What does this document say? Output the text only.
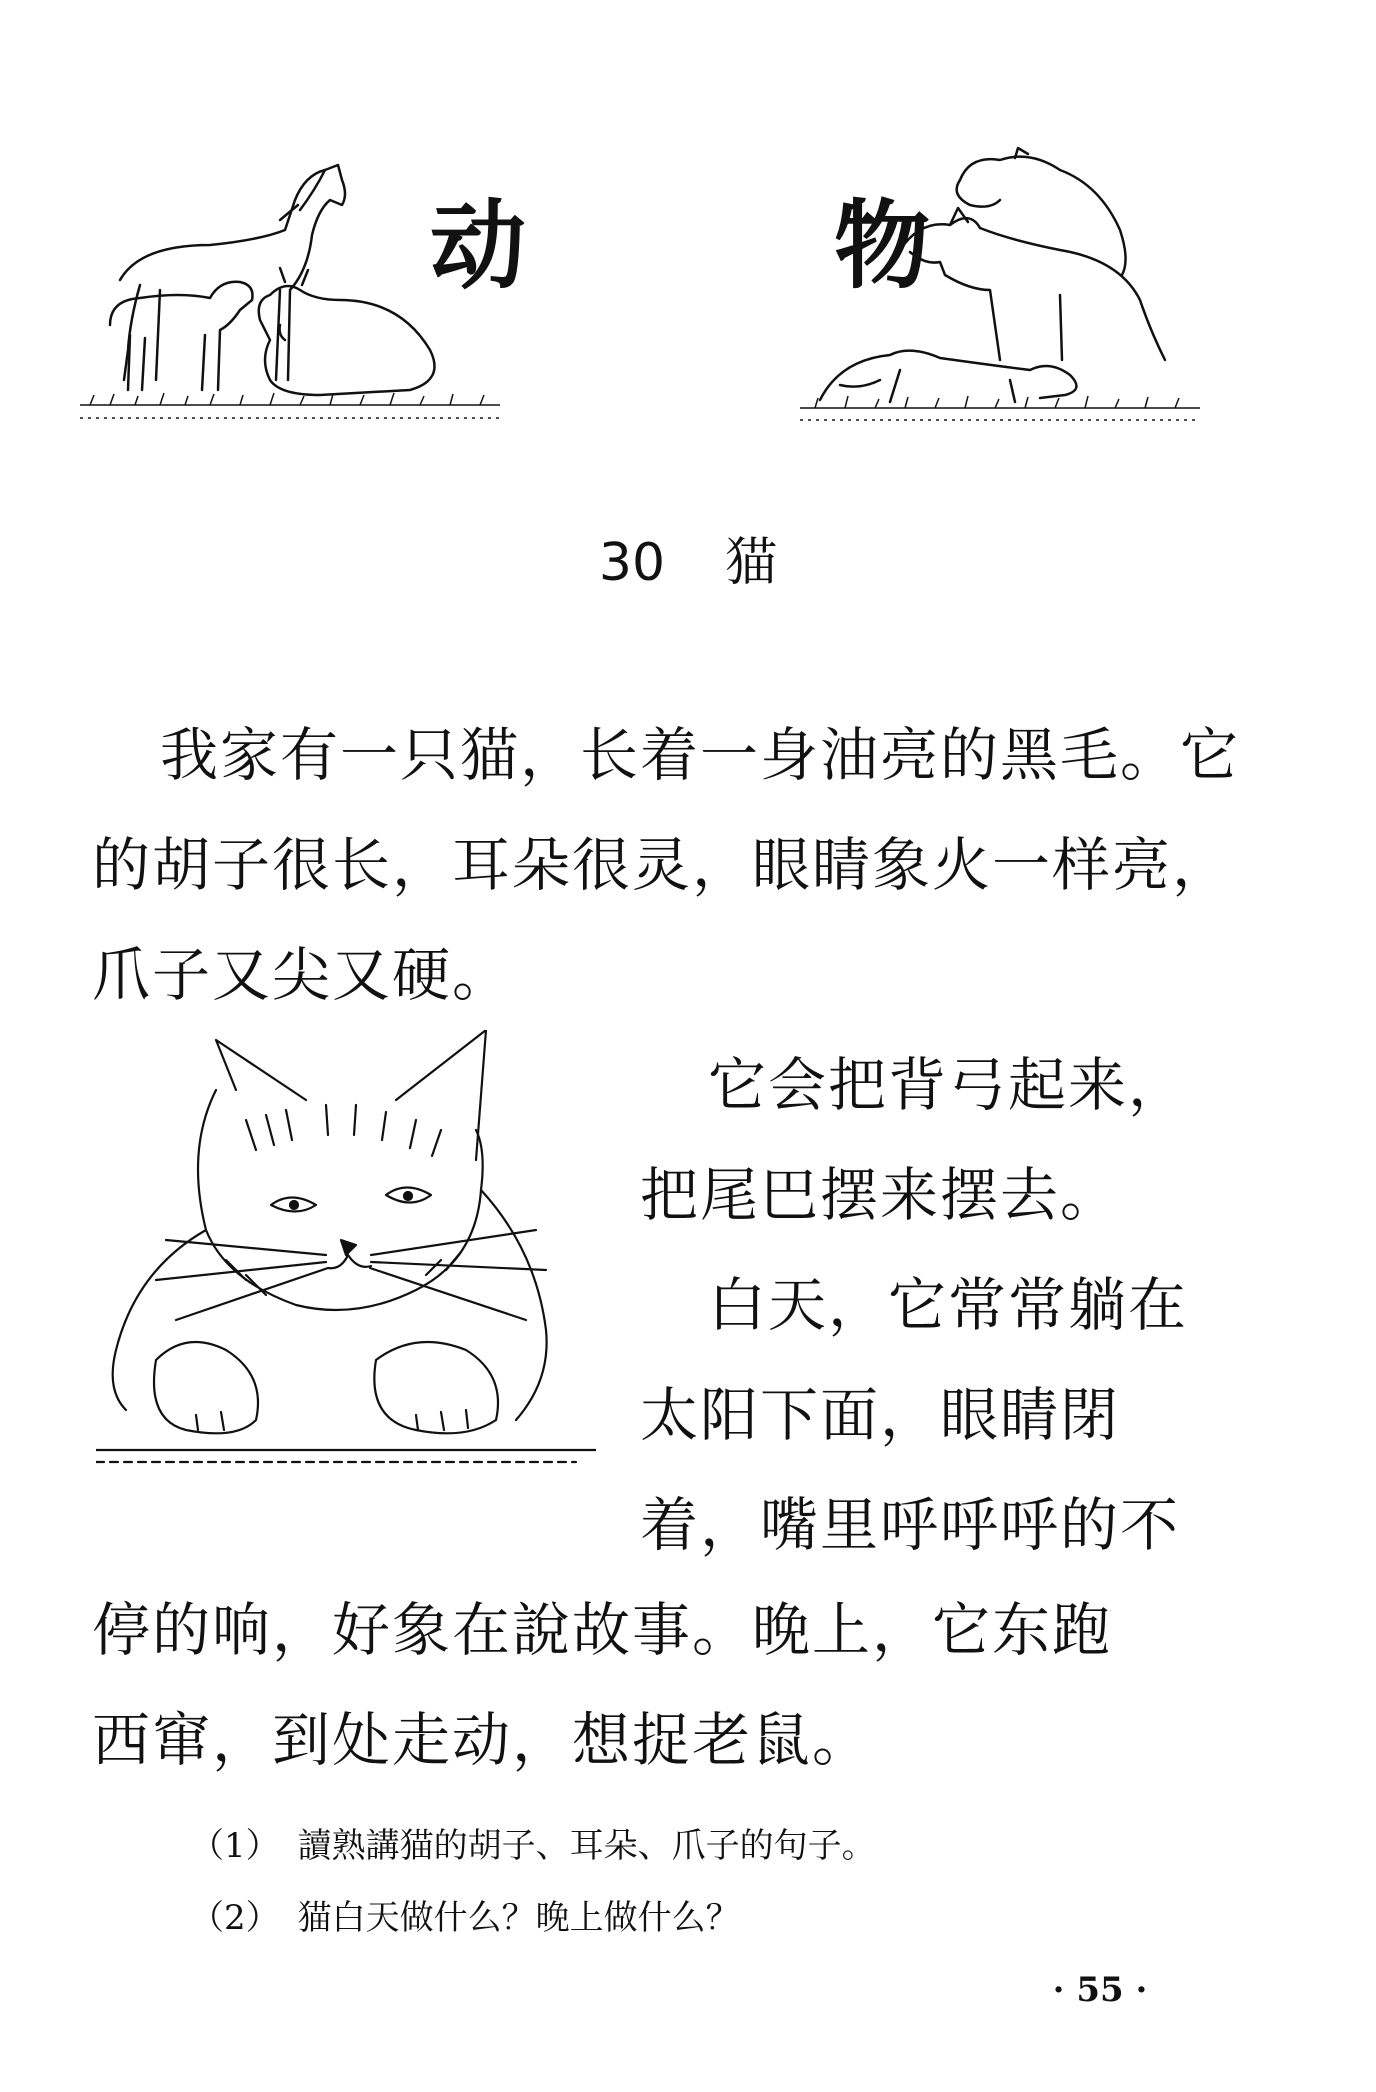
动	物
30 猫
我家有一只猫，长着一身油亮的黑毛。它的胡子很长，耳朵很灵，眼睛象火一样亮，爪子又尖又硬。
它会把背弓起来，
把尾巴摆来摆去。
白天，它常常躺在
太阳下面，眼睛閉
着，嘴里呼呼呼的不
停的响，好象在說故事。晚上，它东跑
西窜，到处走动，想捉老鼠。
（1） 讀熟講猫的胡子、耳朵、爪子的句子。
（2） 猫白天做什么？晚上做什么？
· 55 ·
